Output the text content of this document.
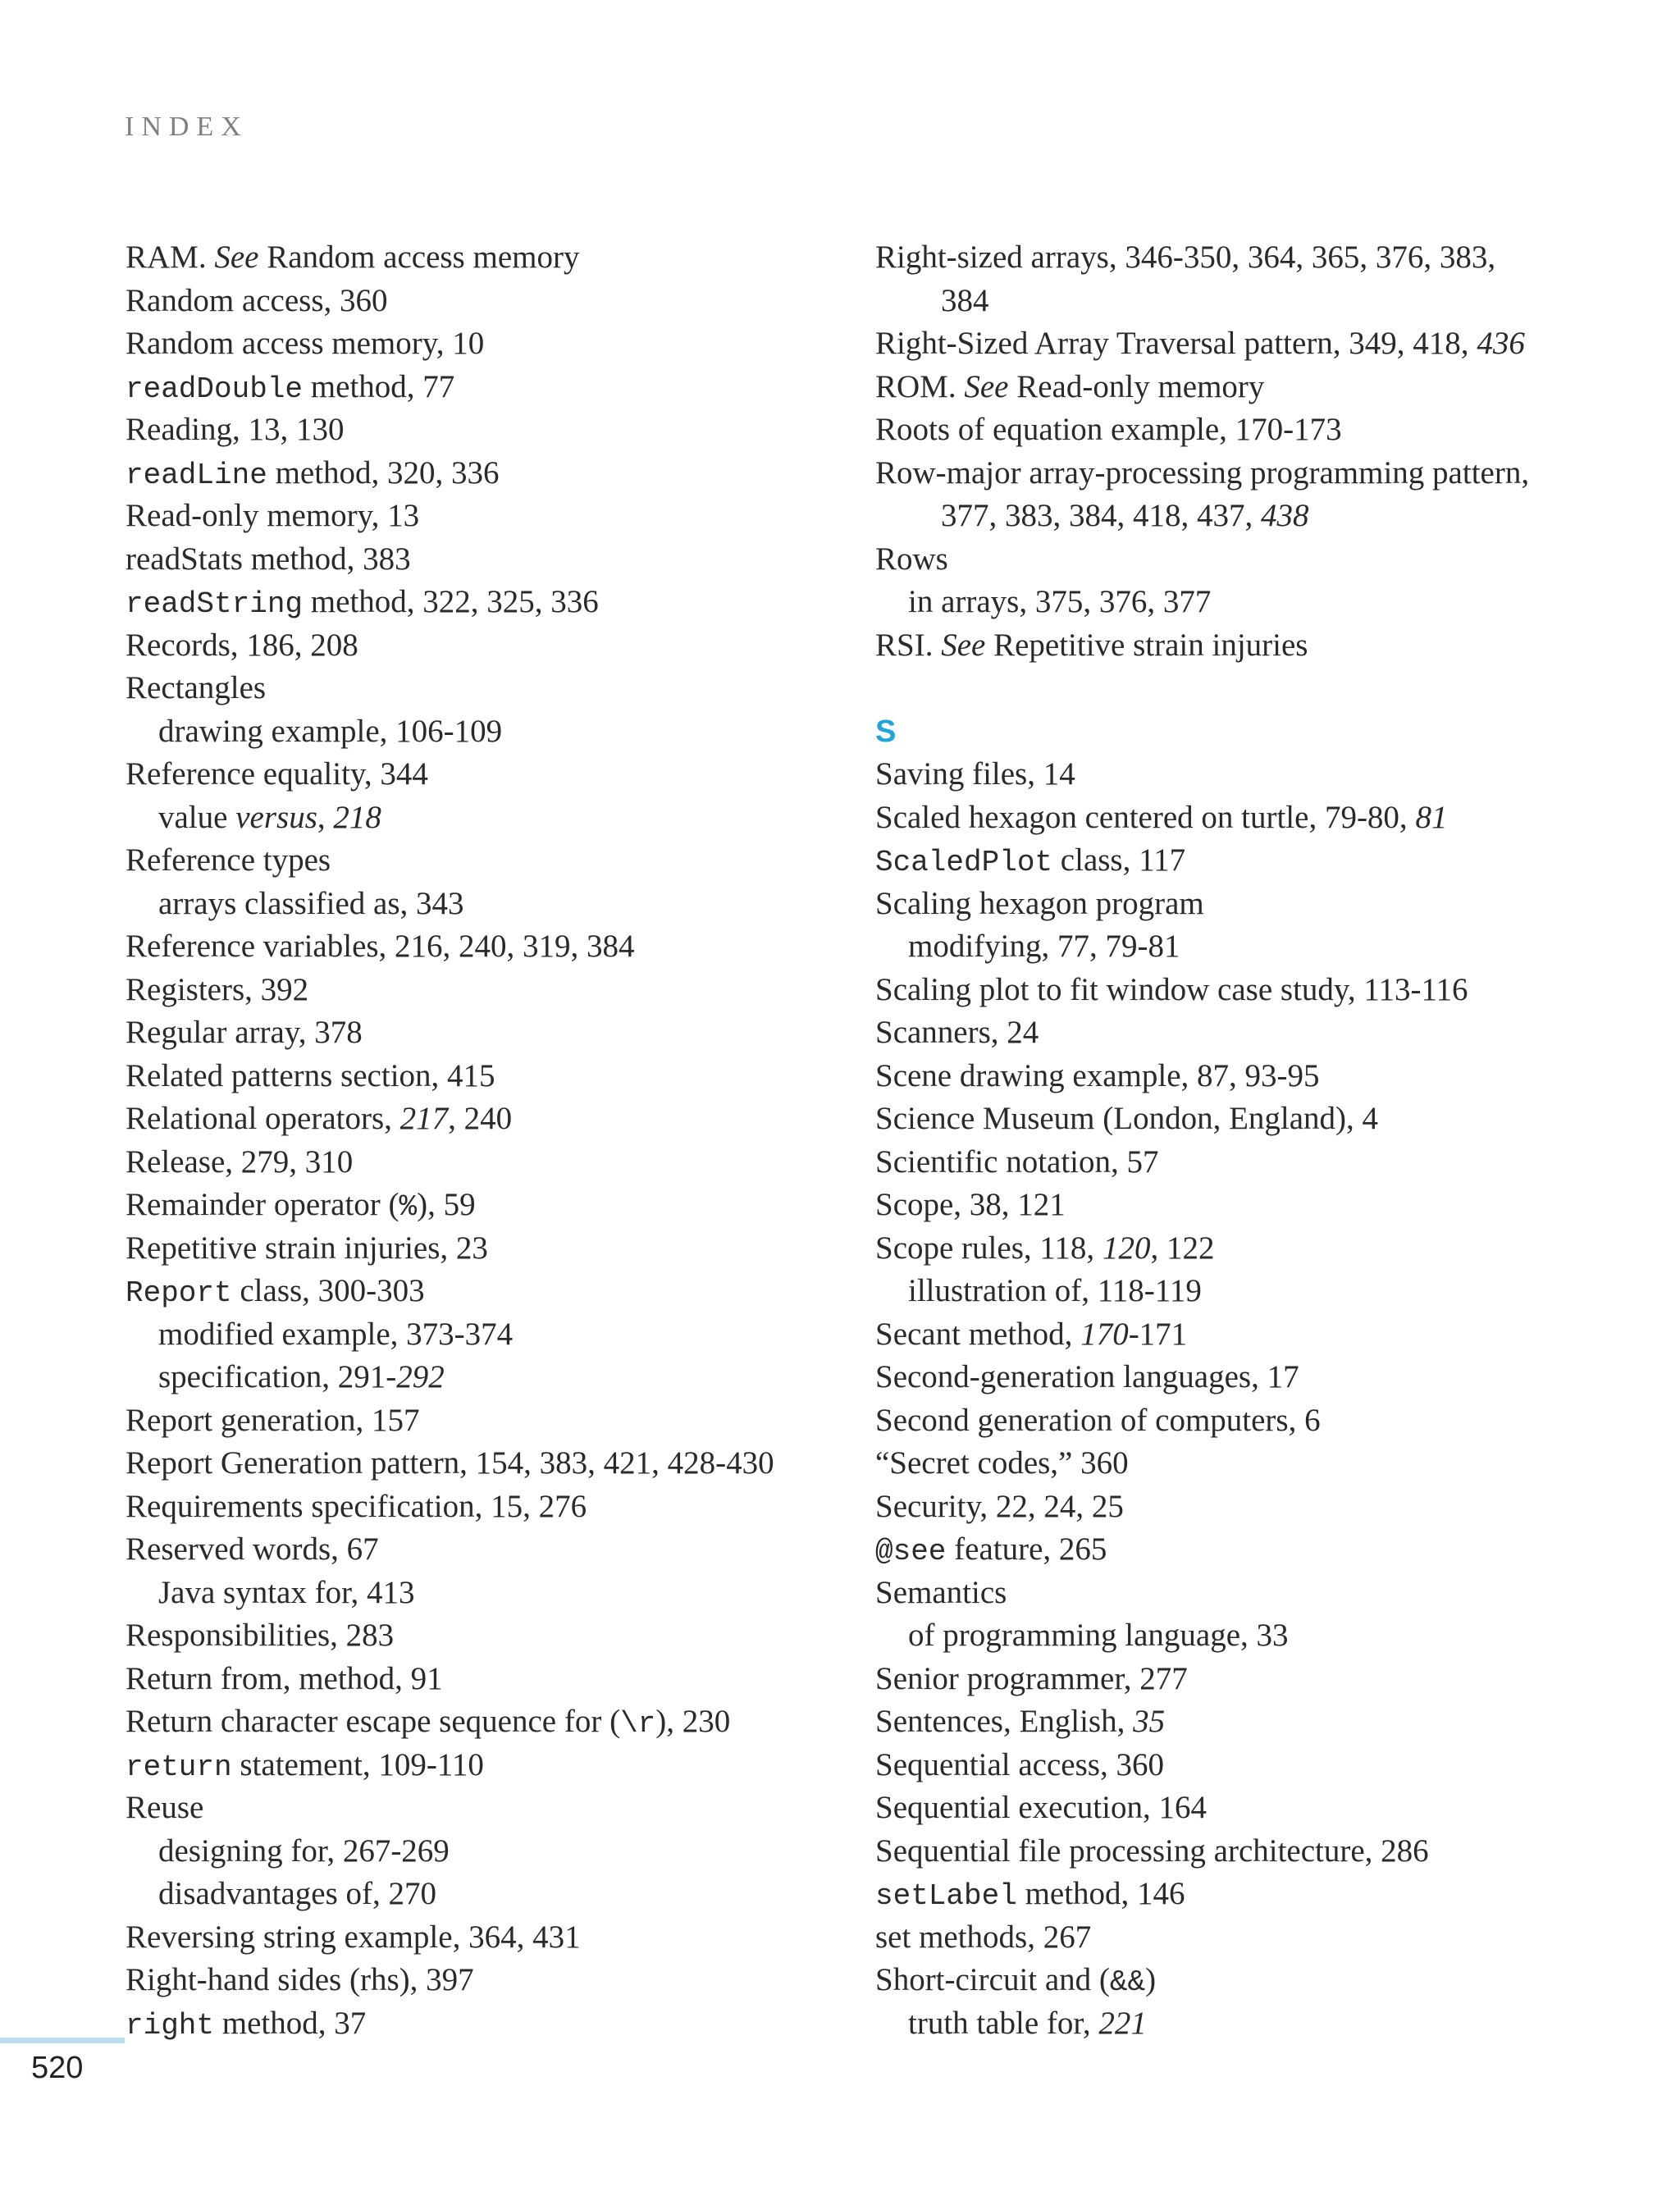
INDEX
RAM. See Random access memory
Random access, 360
Random access memory, 10
readDouble method, 77
Reading, 13, 130
readLine method, 320, 336
Read-only memory, 13
readStats method, 383
readString method, 322, 325, 336
Records, 186, 208
Rectangles
drawing example, 106-109
Reference equality, 344
value versus, 218
Reference types
arrays classified as, 343
Reference variables, 216, 240, 319, 384
Registers, 392
Regular array, 378
Related patterns section, 415
Relational operators, 217, 240
Release, 279, 310
Remainder operator (%), 59
Repetitive strain injuries, 23
Report class, 300-303
modified example, 373-374
specification, 291-292
Report generation, 157
Report Generation pattern, 154, 383, 421, 428-430
Requirements specification, 15, 276
Reserved words, 67
Java syntax for, 413
Responsibilities, 283
Return from, method, 91
Return character escape sequence for (\r), 230
return statement, 109-110
Reuse
designing for, 267-269
disadvantages of, 270
Reversing string example, 364, 431
Right-hand sides (rhs), 397
right method, 37
Right-sized arrays, 346-350, 364, 365, 376, 383,
384
Right-Sized Array Traversal pattern, 349, 418, 436
ROM. See Read-only memory
Roots of equation example, 170-173
Row-major array-processing programming pattern,
377, 383, 384, 418, 437, 438
Rows
in arrays, 375, 376, 377
RSI. See Repetitive strain injuries
S
Saving files, 14
Scaled hexagon centered on turtle, 79-80, 81
ScaledPlot class, 117
Scaling hexagon program
modifying, 77, 79-81
Scaling plot to fit window case study, 113-116
Scanners, 24
Scene drawing example, 87, 93-95
Science Museum (London, England), 4
Scientific notation, 57
Scope, 38, 121
Scope rules, 118, 120, 122
illustration of, 118-119
Secant method, 170-171
Second-generation languages, 17
Second generation of computers, 6
“Secret codes,” 360
Security, 22, 24, 25
@see feature, 265
Semantics
of programming language, 33
Senior programmer, 277
Sentences, English, 35
Sequential access, 360
Sequential execution, 164
Sequential file processing architecture, 286
setLabel method, 146
set methods, 267
Short-circuit and (&&)
truth table for, 221
520
